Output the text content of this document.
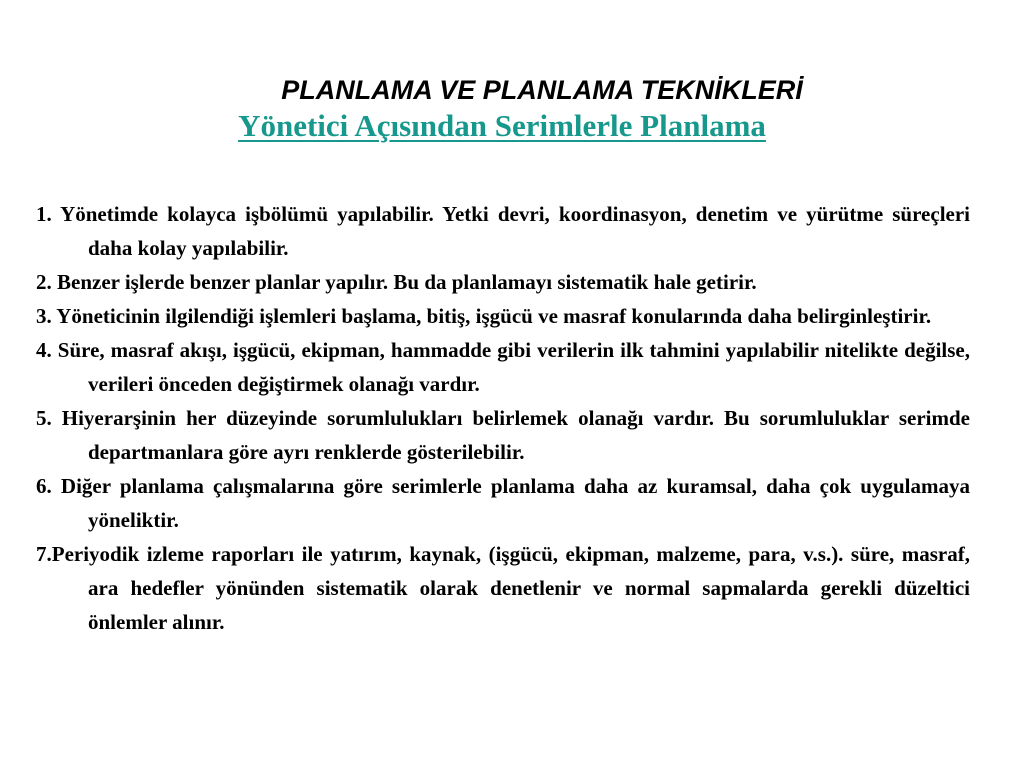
PLANLAMA VE PLANLAMA TEKNİKLERİ
Yönetici Açısından Serimlerle Planlama
1. Yönetimde kolayca işbölümü yapılabilir. Yetki devri, koordinasyon, denetim ve yürütme süreçleri daha kolay yapılabilir.
2. Benzer işlerde benzer planlar yapılır. Bu da planlamayı sistematik hale getirir.
3. Yöneticinin ilgilendiği işlemleri başlama, bitiş, işgücü ve masraf konularında daha belirginleştirir.
4. Süre, masraf akışı, işgücü, ekipman, hammadde gibi verilerin ilk tahmini yapılabilir nitelikte değilse, verileri önceden değiştirmek olanağı vardır.
5. Hiyerarşinin her düzeyinde sorumlulukları belirlemek olanağı vardır. Bu sorumluluklar serimde departmanlara göre ayrı renklerde gösterilebilir.
6. Diğer planlama çalışmalarına göre serimlerle planlama daha az kuramsal, daha çok uygulamaya yöneliktir.
7.Periyodik izleme raporları ile yatırım, kaynak, (işgücü, ekipman, malzeme, para, v.s.). süre, masraf, ara hedefler yönünden sistematik olarak denetlenir ve normal sapmalarda gerekli düzeltici önlemler alınır.
